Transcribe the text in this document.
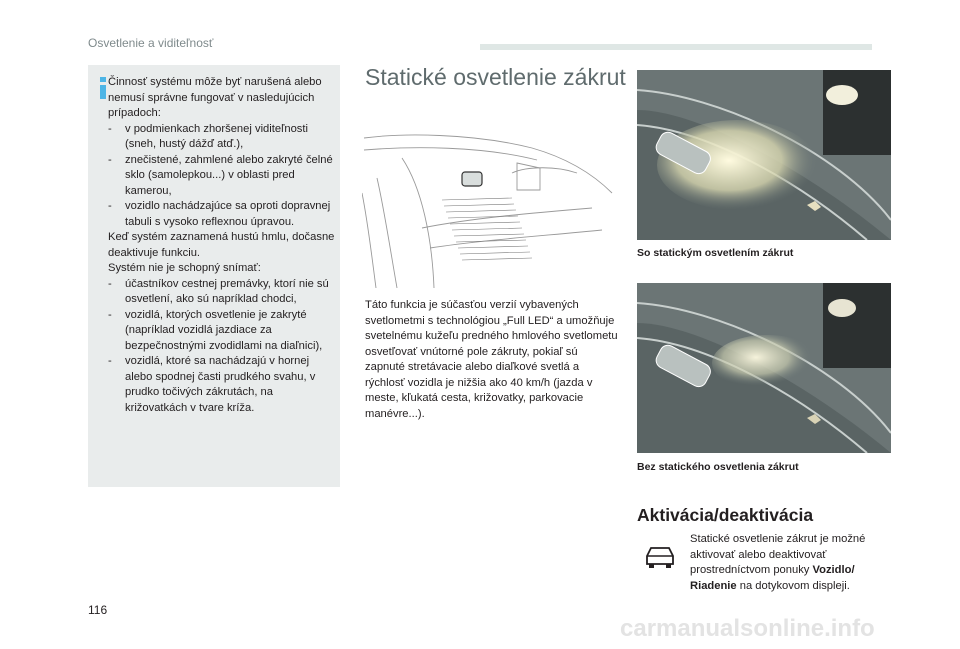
Osvetlenie a viditeľnosť

Činnosť systému môže byť narušená alebo nemusí správne fungovať v nasledujúcich prípadoch:

-	v podmienkach zhoršenej viditeľnosti (sneh, hustý dážď atď.),
-	znečistené, zahmlené alebo zakryté čelné sklo (samolepkou...) v oblasti pred kamerou,
-	vozidlo nachádzajúce sa oproti dopravnej tabuli s vysoko reflexnou úpravou.

Keď systém zaznamená hustú hmlu, dočasne deaktivuje funkciu.

Systém nie je schopný snímať:

-	účastníkov cestnej premávky, ktorí nie sú osvetlení, ako sú napríklad chodci,
-	vozidlá, ktorých osvetlenie je zakryté (napríklad vozidlá jazdiace za bezpečnostnými zvodidlami na diaľnici),
-	vozidlá, ktoré sa nachádzajú v hornej alebo spodnej časti prudkého svahu, v prudko točivých zákrutách, na križovatkách v tvare kríža.
Statické osvetlenie zákrut

Táto funkcia je súčasťou verzií vybavených svetlometmi s technológiou „Full LED“ a umožňuje svetelnému kužeľu predného hmlového svetlometu osvetľovať vnútorné pole zákruty, pokiaľ sú zapnuté stretávacie alebo diaľkové svetlá a rýchlosť vozidla je nižšia ako 40 km/h (jazda v meste, kľukatá cesta, križovatky, parkovacie manévre...).

So statickým osvetlením zákrut
Bez statického osvetlenia zákrut
Aktivácia/deaktivácia

Statické osvetlenie zákrut je možné aktivovať alebo deaktivovať prostredníctvom ponuky Vozidlo/ Riadenie na dotykovom displeji.

116
carmanualsonline.info
